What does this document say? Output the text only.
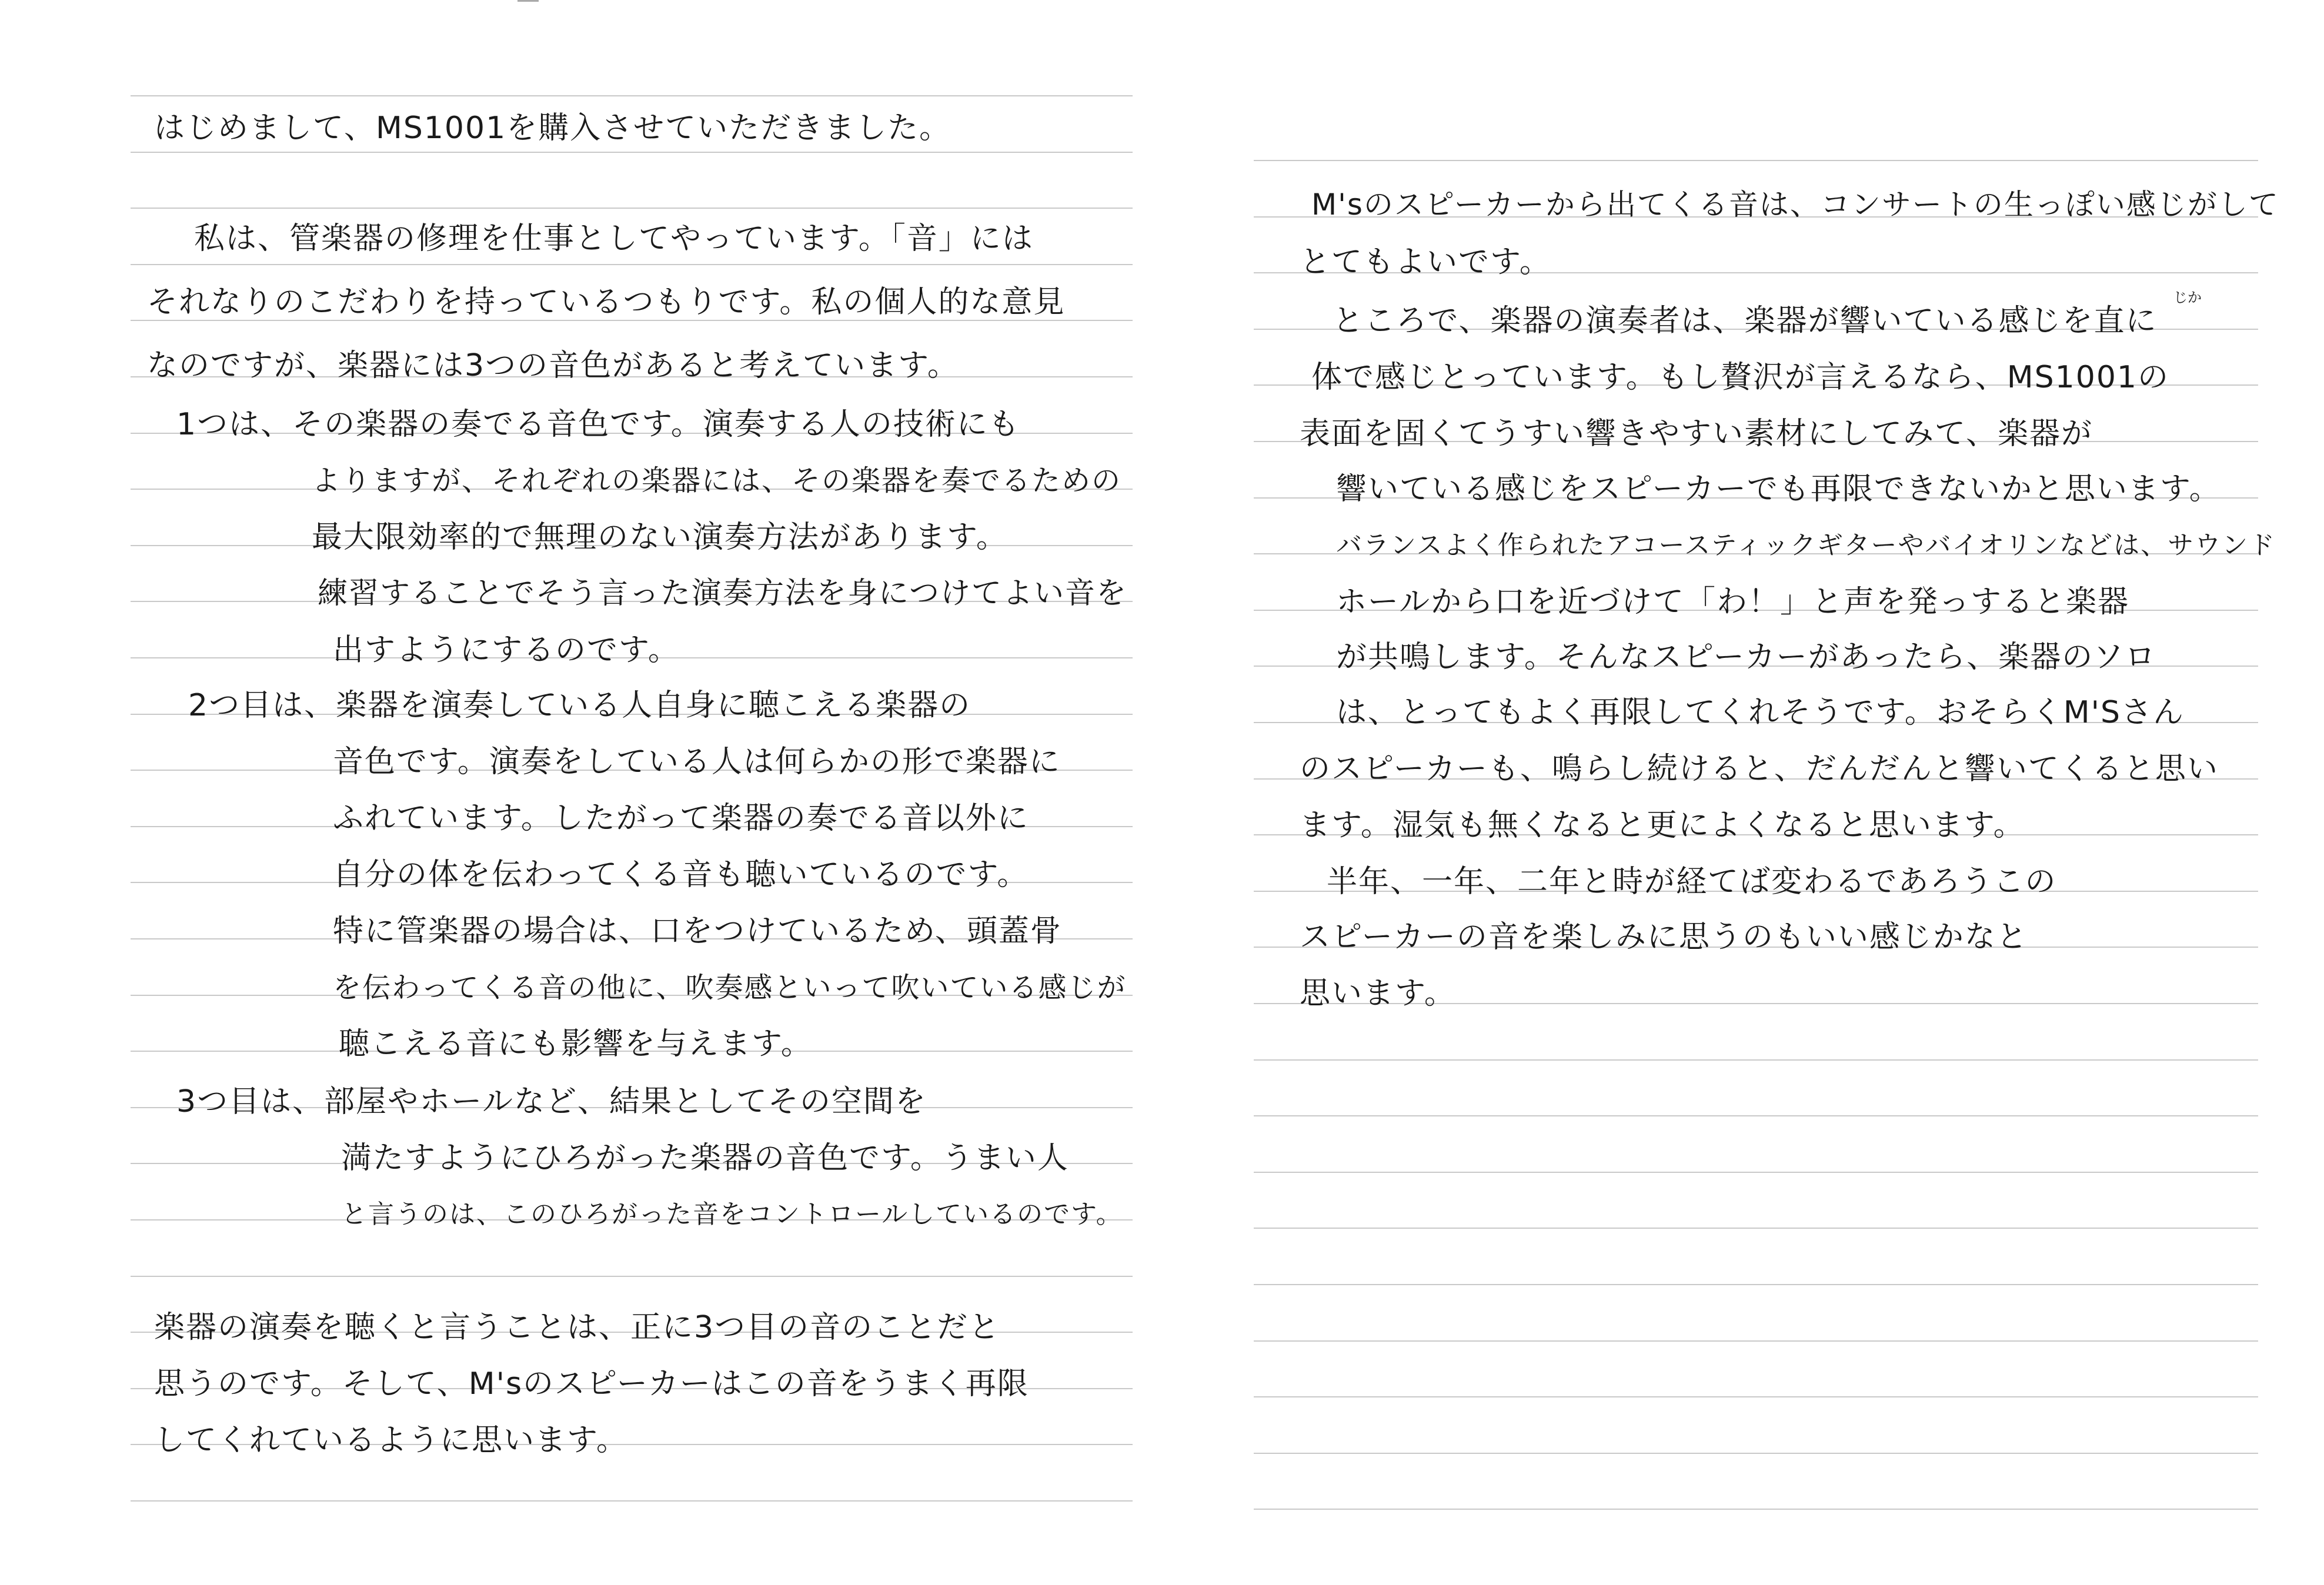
はじめまして、MS1001を購入させていただきました。
私は、管楽器の修理を仕事としてやっています。「音」には
それなりのこだわりを持っているつもりです。私の個人的な意見
なのですが、楽器には3つの音色があると考えています。
1つは、その楽器の奏でる音色です。演奏する人の技術にも
よりますが、それぞれの楽器には、その楽器を奏でるための
最大限効率的で無理のない演奏方法があります。
練習することでそう言った演奏方法を身につけてよい音を
出すようにするのです。
2つ目は、楽器を演奏している人自身に聴こえる楽器の
音色です。演奏をしている人は何らかの形で楽器に
ふれています。したがって楽器の奏でる音以外に
自分の体を伝わってくる音も聴いているのです。
特に管楽器の場合は、口をつけているため、頭蓋骨
を伝わってくる音の他に、吹奏感といって吹いている感じが
聴こえる音にも影響を与えます。
3つ目は、部屋やホールなど、結果としてその空間を
満たすようにひろがった楽器の音色です。うまい人
と言うのは、このひろがった音をコントロールしているのです。
楽器の演奏を聴くと言うことは、正に3つ目の音のことだと
思うのです。そして、M'sのスピーカーはこの音をうまく再限
してくれているように思います。
M'sのスピーカーから出てくる音は、コンサートの生っぽい感じがして
とてもよいです。
ところで、楽器の演奏者は、楽器が響いている感じを直に
じか
体で感じとっています。もし贅沢が言えるなら、MS1001の
表面を固くてうすい響きやすい素材にしてみて、楽器が
響いている感じをスピーカーでも再限できないかと思います。
バランスよく作られたアコースティックギターやバイオリンなどは、サウンド
ホールから口を近づけて「わ！」と声を発っすると楽器
が共鳴します。そんなスピーカーがあったら、楽器のソロ
は、とってもよく再限してくれそうです。おそらくM'Sさん
のスピーカーも、鳴らし続けると、だんだんと響いてくると思い
ます。湿気も無くなると更によくなると思います。
半年、一年、二年と時が経てば変わるであろうこの
スピーカーの音を楽しみに思うのもいい感じかなと
思います。
